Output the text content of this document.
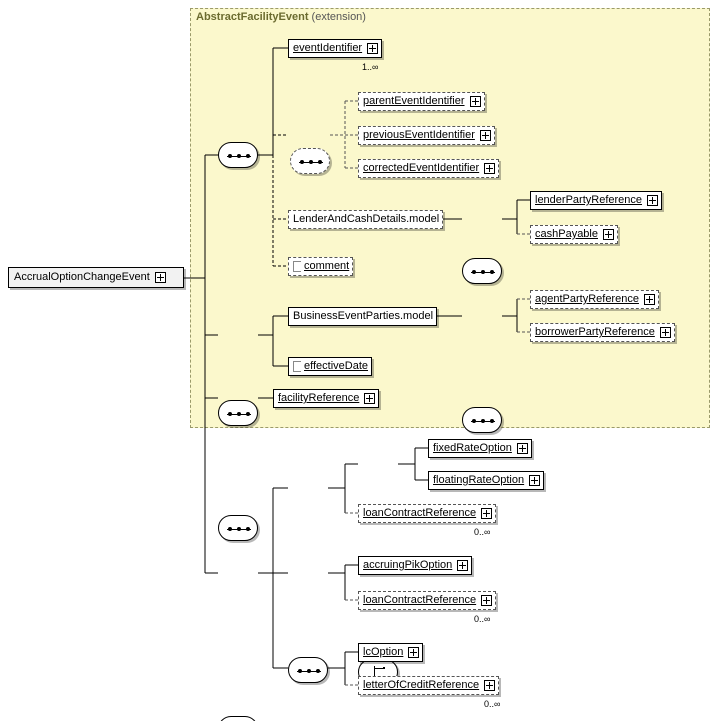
AbstractFacilityEvent (extension)
AccrualOptionChangeEvent
eventIdentifier
1..∞
parentEventIdentifier
previousEventIdentifier
correctedEventIdentifier
LenderAndCashDetails.model
lenderPartyReference
cashPayable
comment
BusinessEventParties.model
agentPartyReference
borrowerPartyReference
effectiveDate
facilityReference
fixedRateOption
floatingRateOption
loanContractReference
0..∞
accruingPikOption
loanContractReference
0..∞
lcOption
letterOfCreditReference
0..∞
